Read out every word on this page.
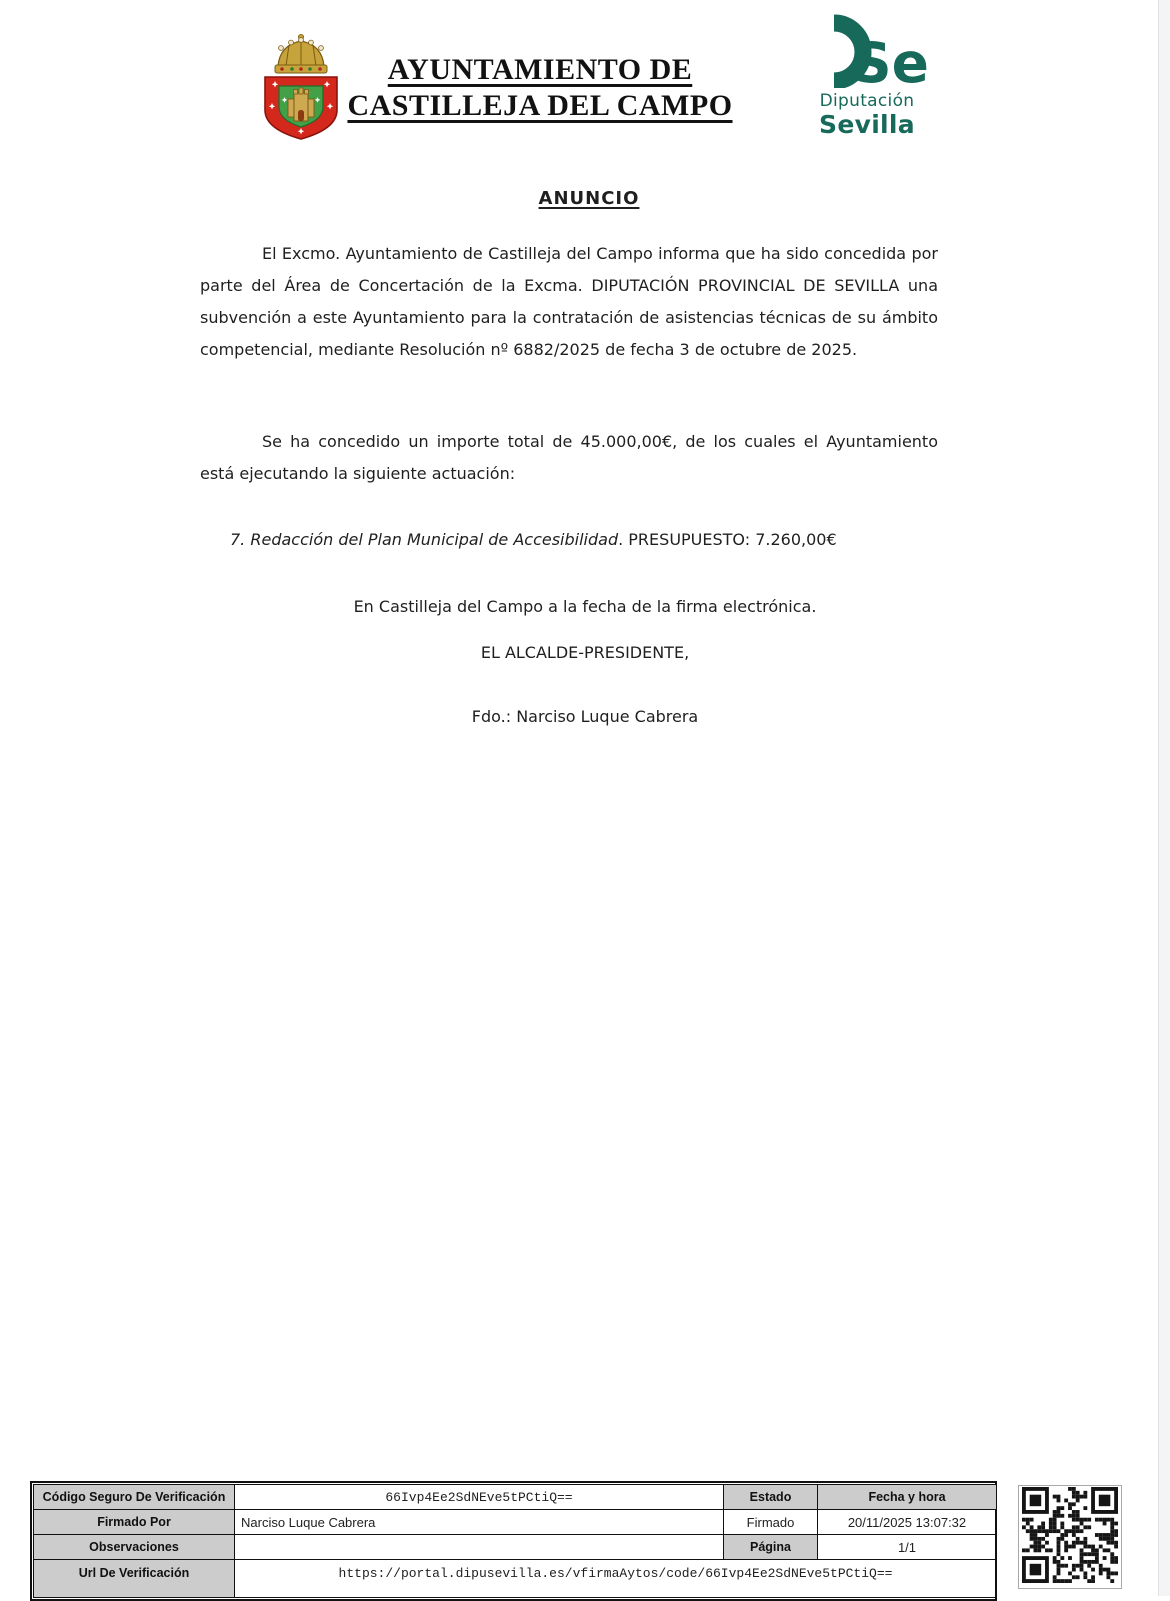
AYUNTAMIENTO DE
CASTILLEJA DEL CAMPO
Se
Diputación
Sevilla
ANUNCIO

El Excmo. Ayuntamiento de Castilleja del Campo informa que ha sido concedida por parte del Área de Concertación de la Excma. DIPUTACIÓN PROVINCIAL DE SEVILLA una subvención a este Ayuntamiento para la contratación de asistencias técnicas de su ámbito competencial, mediante Resolución nº 6882/2025 de fecha 3 de octubre de 2025.

Se ha concedido un importe total de 45.000,00€, de los cuales el Ayuntamiento está ejecutando la siguiente actuación:

7. Redacción del Plan Municipal de Accesibilidad. PRESUPUESTO: 7.260,00€
En Castilleja del Campo a la fecha de la firma electrónica.
EL ALCALDE-PRESIDENTE,
Fdo.: Narciso Luque Cabrera
Código Seguro De Verificación	66Ivp4Ee2SdNEve5tPCtiQ==	Estado	Fecha y hora
Firmado Por	Narciso Luque Cabrera	Firmado	20/11/2025 13:07:32
Observaciones		Página	1/1
Url De Verificación	https://portal.dipusevilla.es/vfirmaAytos/code/66Ivp4Ee2SdNEve5tPCtiQ==		
